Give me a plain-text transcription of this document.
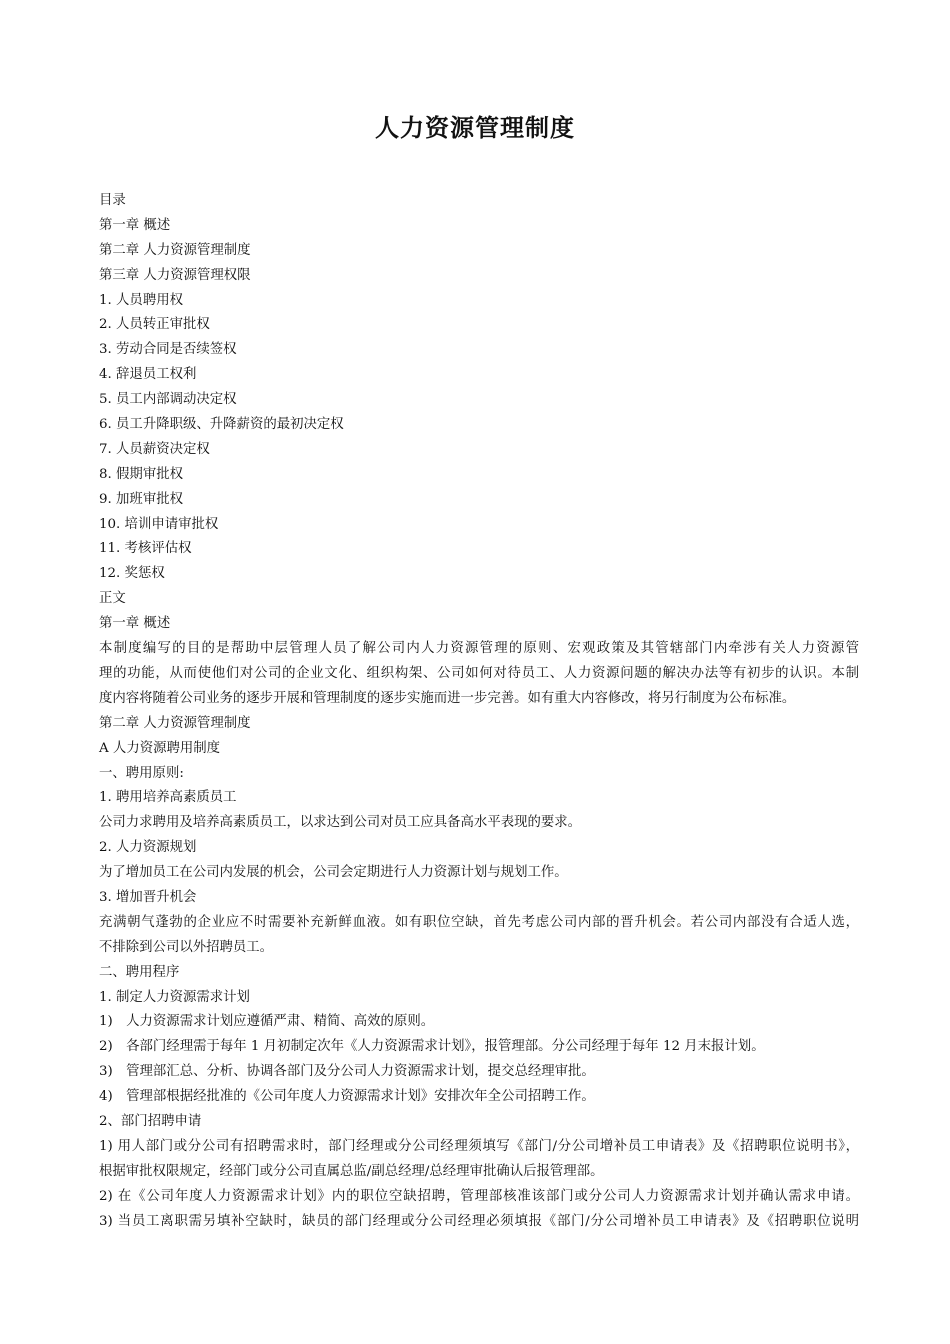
人力资源管理制度
目录
第一章 概述
第二章 人力资源管理制度
第三章 人力资源管理权限
1. 人员聘用权
2. 人员转正审批权
3. 劳动合同是否续签权
4. 辞退员工权利
5. 员工内部调动决定权
6. 员工升降职级、升降薪资的最初决定权
7. 人员薪资决定权
8. 假期审批权
9. 加班审批权
10. 培训申请审批权
11. 考核评估权
12. 奖惩权
正文
第一章 概述
本制度编写的目的是帮助中层管理人员了解公司内人力资源管理的原则、宏观政策及其管辖部门内牵涉有关人力资源管
理的功能，从而使他们对公司的企业文化、组织构架、公司如何对待员工、人力资源问题的解决办法等有初步的认识。本制
度内容将随着公司业务的逐步开展和管理制度的逐步实施而进一步完善。如有重大内容修改，将另行制度为公布标准。
第二章 人力资源管理制度
A 人力资源聘用制度
一、聘用原则:
1. 聘用培养高素质员工
公司力求聘用及培养高素质员工，以求达到公司对员工应具备高水平表现的要求。
2. 人力资源规划
为了增加员工在公司内发展的机会，公司会定期进行人力资源计划与规划工作。
3. 增加晋升机会
充满朝气蓬勃的企业应不时需要补充新鲜血液。如有职位空缺，首先考虑公司内部的晋升机会。若公司内部没有合适人选，
不排除到公司以外招聘员工。
二、聘用程序
1. 制定人力资源需求计划
1)　人力资源需求计划应遵循严肃、精简、高效的原则。
2)　各部门经理需于每年 1 月初制定次年《人力资源需求计划》，报管理部。分公司经理于每年 12 月末报计划。
3)　管理部汇总、分析、协调各部门及分公司人力资源需求计划，提交总经理审批。
4)　管理部根据经批准的《公司年度人力资源需求计划》安排次年全公司招聘工作。
2、部门招聘申请
1) 用人部门或分公司有招聘需求时，部门经理或分公司经理须填写《部门/分公司增补员工申请表》及《招聘职位说明书》，
根据审批权限规定，经部门或分公司直属总监/副总经理/总经理审批确认后报管理部。
2) 在《公司年度人力资源需求计划》内的职位空缺招聘，管理部核准该部门或分公司人力资源需求计划并确认需求申请。
3) 当员工离职需另填补空缺时，缺员的部门经理或分公司经理必须填报《部门/分公司增补员工申请表》及《招聘职位说明
